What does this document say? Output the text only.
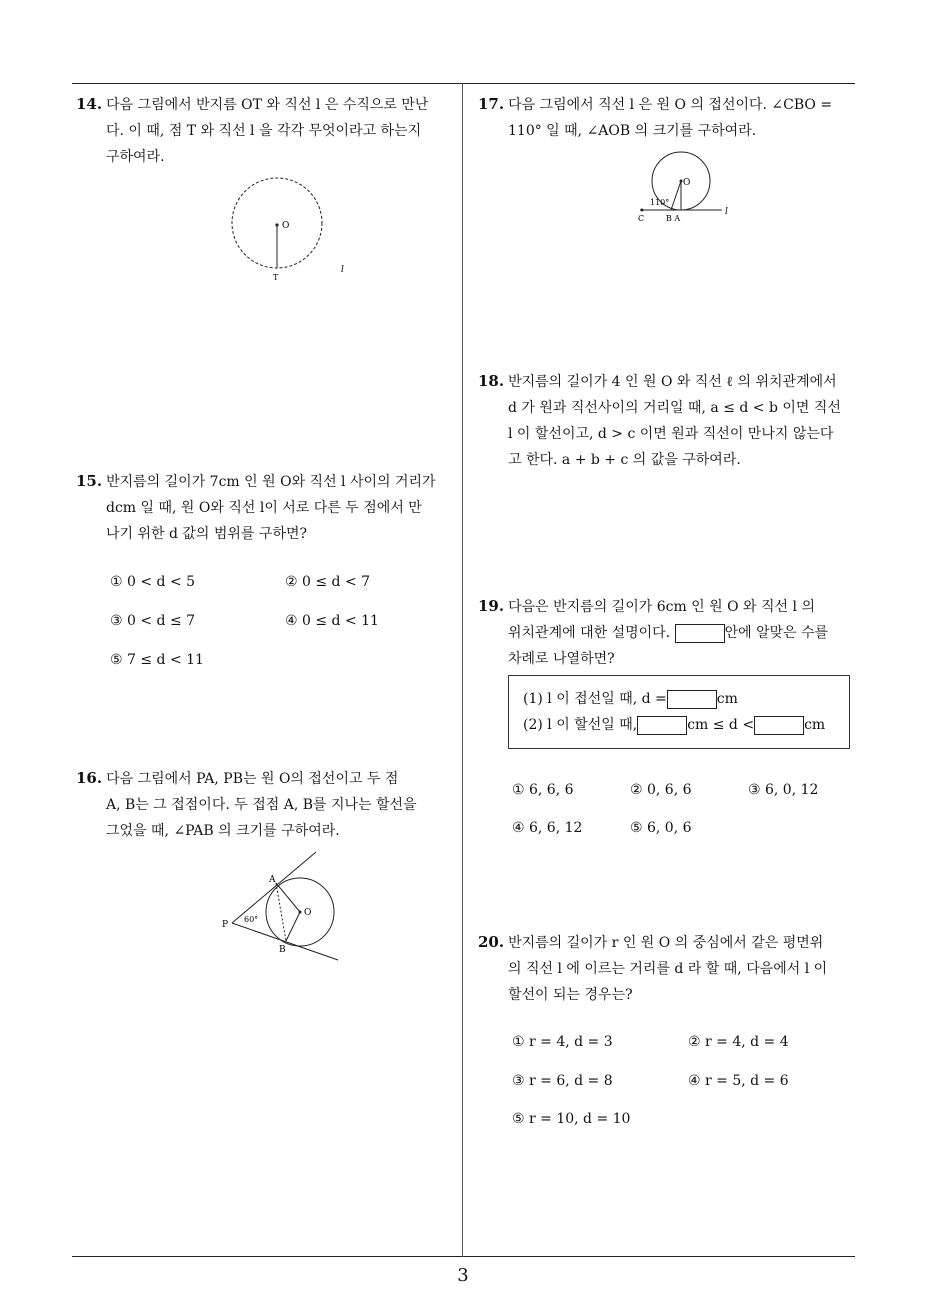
14. 다음 그림에서 반지름 OT 와 직선 l 은 수직으로 만난
다. 이 때, 점 T 와 직선 l 을 각각 무엇이라고 하는지
구하여라.
O
T
l
15. 반지름의 길이가 7cm 인 원 O와 직선 l 사이의 거리가
dcm 일 때, 원 O와 직선 l이 서로 다른 두 점에서 만
나기 위한 d 값의 범위를 구하면?
① 0 < d < 5	② 0 ≤ d < 7
③ 0 < d ≤ 7	④ 0 ≤ d < 11
⑤ 7 ≤ d < 11
16. 다음 그림에서 PA, PB는 원 O의 접선이고 두 점
A, B는 그 접점이다. 두 접점 A, B를 지나는 할선을
그었을 때, ∠PAB 의 크기를 구하여라.
A
P
60°
O
B
17. 다음 그림에서 직선 l 은 원 O 의 접선이다. ∠CBO =
110° 일 때, ∠AOB 의 크기를 구하여라.
O
110°
C	B A
l
18. 반지름의 길이가 4 인 원 O 와 직선 ℓ 의 위치관계에서
d 가 원과 직선사이의 거리일 때, a ≤ d < b 이면 직선
l 이 할선이고, d > c 이면 원과 직선이 만나지 않는다
고 한다. a + b + c 의 값을 구하여라.
19. 다음은 반지름의 길이가 6cm 인 원 O 와 직선 l 의
위치관계에 대한 설명이다.	안에 알맞은 수를
차례로 나열하면?
(1) l 이 접선일 때, d =	cm
(2) l 이 할선일 때,	cm ≤ d <	cm
① 6, 6, 6	② 0, 6, 6	③ 6, 0, 12
④ 6, 6, 12	⑤ 6, 0, 6
20. 반지름의 길이가 r 인 원 O 의 중심에서 같은 평면위
의 직선 l 에 이르는 거리를 d 라 할 때, 다음에서 l 이
할선이 되는 경우는?
① r = 4, d = 3	② r = 4, d = 4
③ r = 6, d = 8	④ r = 5, d = 6
⑤ r = 10, d = 10
3
